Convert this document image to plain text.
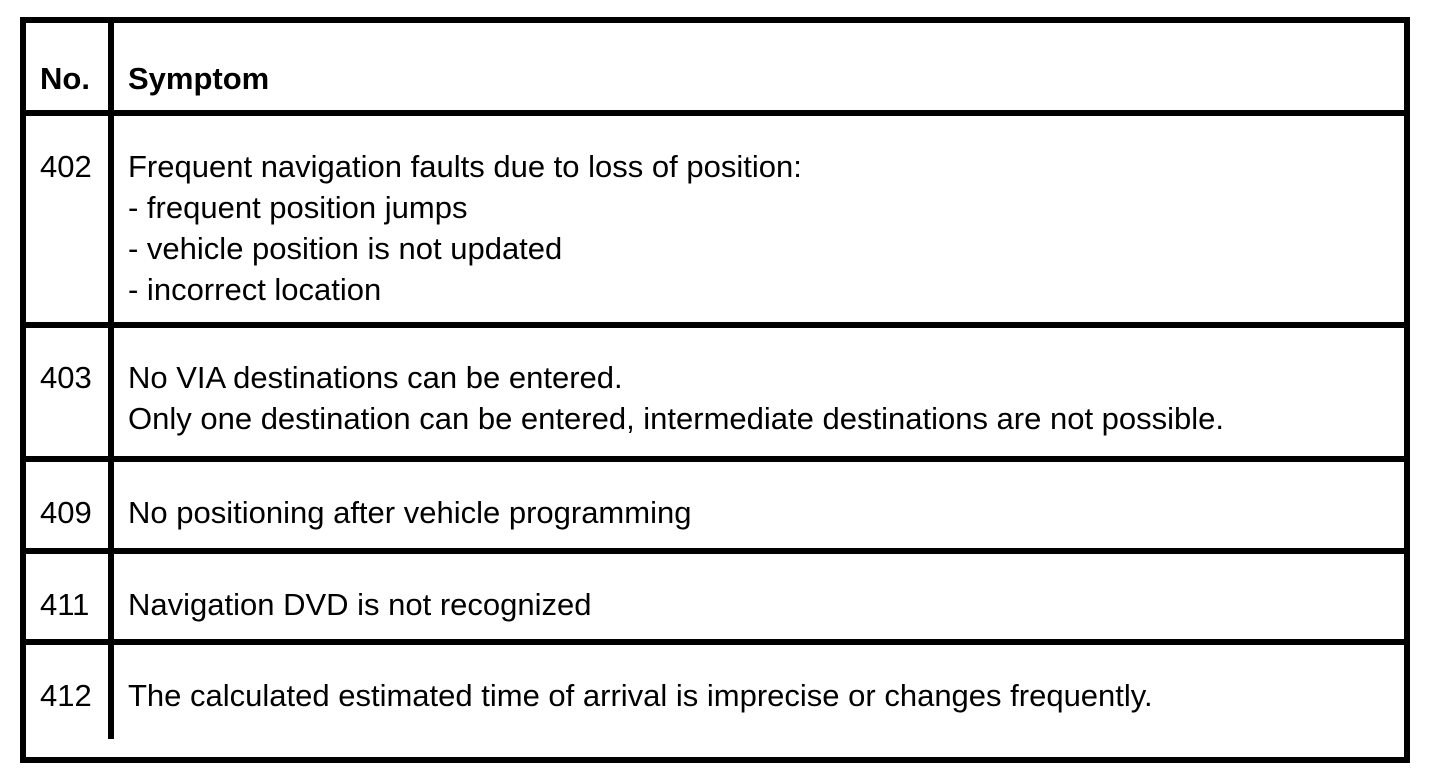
No.	Symptom
402	Frequent navigation faults due to loss of position:
- frequent position jumps
- vehicle position is not updated
- incorrect location
403	No VIA destinations can be entered.
Only one destination can be entered, intermediate destinations are not possible.
409	No positioning after vehicle programming
411	Navigation DVD is not recognized
412	The calculated estimated time of arrival is imprecise or changes frequently.
